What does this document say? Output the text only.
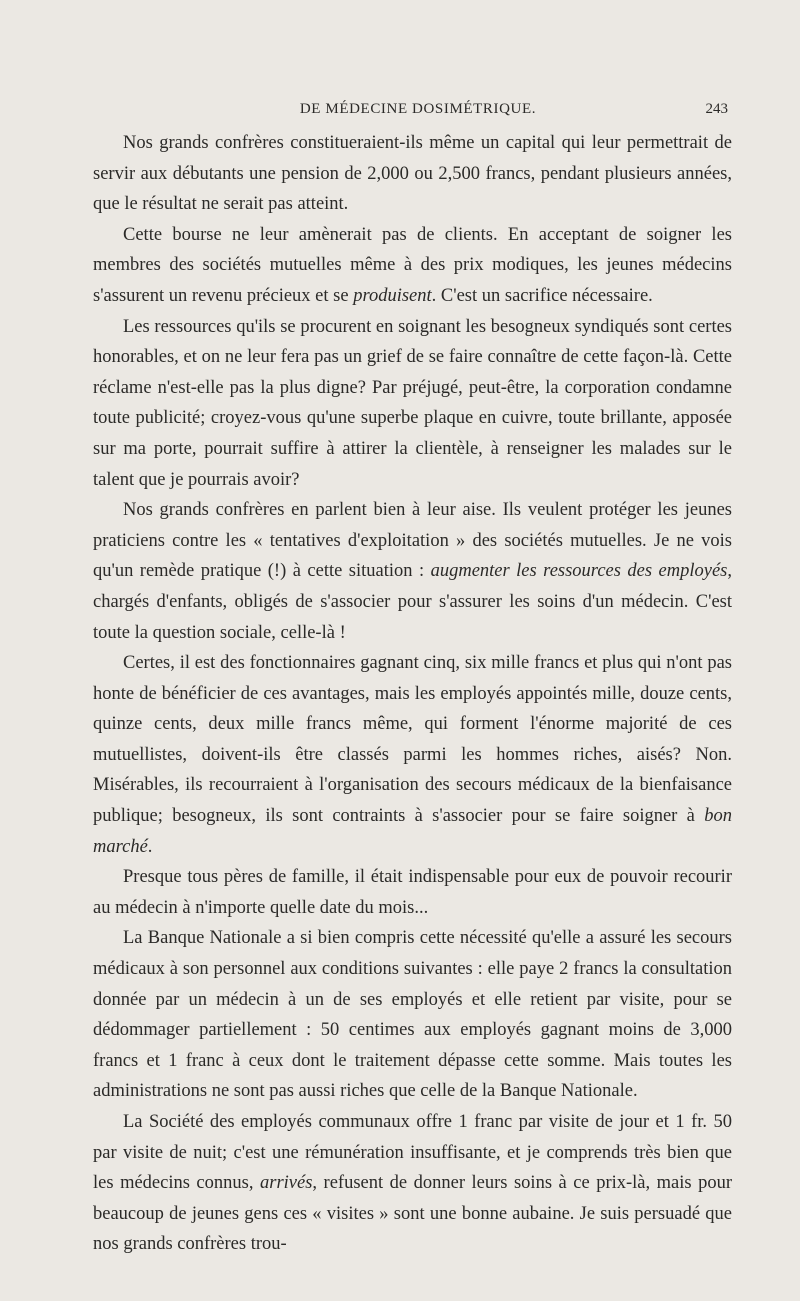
DE MÉDECINE DOSIMÉTRIQUE.	243

Nos grands confrères constitueraient-ils même un capital qui leur permettrait de servir aux débutants une pension de 2,000 ou 2,500 francs, pendant plusieurs années, que le résultat ne serait pas atteint.

Cette bourse ne leur amènerait pas de clients. En acceptant de soigner les membres des sociétés mutuelles même à des prix modiques, les jeunes médecins s'assurent un revenu précieux et se produisent. C'est un sacrifice nécessaire.

Les ressources qu'ils se procurent en soignant les besogneux syndiqués sont certes honorables, et on ne leur fera pas un grief de se faire connaître de cette façon-là. Cette réclame n'est-elle pas la plus digne? Par préjugé, peut-être, la corporation condamne toute publicité; croyez-vous qu'une superbe plaque en cuivre, toute brillante, apposée sur ma porte, pourrait suffire à attirer la clientèle, à renseigner les malades sur le talent que je pourrais avoir?

Nos grands confrères en parlent bien à leur aise. Ils veulent protéger les jeunes praticiens contre les « tentatives d'exploitation » des sociétés mutuelles. Je ne vois qu'un remède pratique (!) à cette situation : augmenter les ressources des employés, chargés d'enfants, obligés de s'associer pour s'assurer les soins d'un médecin. C'est toute la question sociale, celle-là !

Certes, il est des fonctionnaires gagnant cinq, six mille francs et plus qui n'ont pas honte de bénéficier de ces avantages, mais les employés appointés mille, douze cents, quinze cents, deux mille francs même, qui forment l'énorme majorité de ces mutuellistes, doivent-ils être classés parmi les hommes riches, aisés? Non. Misérables, ils recourraient à l'organisation des secours médicaux de la bienfaisance publique; besogneux, ils sont contraints à s'associer pour se faire soigner à bon marché.

Presque tous pères de famille, il était indispensable pour eux de pouvoir recourir au médecin à n'importe quelle date du mois...

La Banque Nationale a si bien compris cette nécessité qu'elle a assuré les secours médicaux à son personnel aux conditions suivantes : elle paye 2 francs la consultation donnée par un médecin à un de ses employés et elle retient par visite, pour se dédommager partiellement : 50 centimes aux employés gagnant moins de 3,000 francs et 1 franc à ceux dont le traitement dépasse cette somme. Mais toutes les administrations ne sont pas aussi riches que celle de la Banque Nationale.

La Société des employés communaux offre 1 franc par visite de jour et 1 fr. 50 par visite de nuit; c'est une rémunération insuffisante, et je comprends très bien que les médecins connus, arrivés, refusent de donner leurs soins à ce prix-là, mais pour beaucoup de jeunes gens ces « visites » sont une bonne aubaine. Je suis persuadé que nos grands confrères trou-
